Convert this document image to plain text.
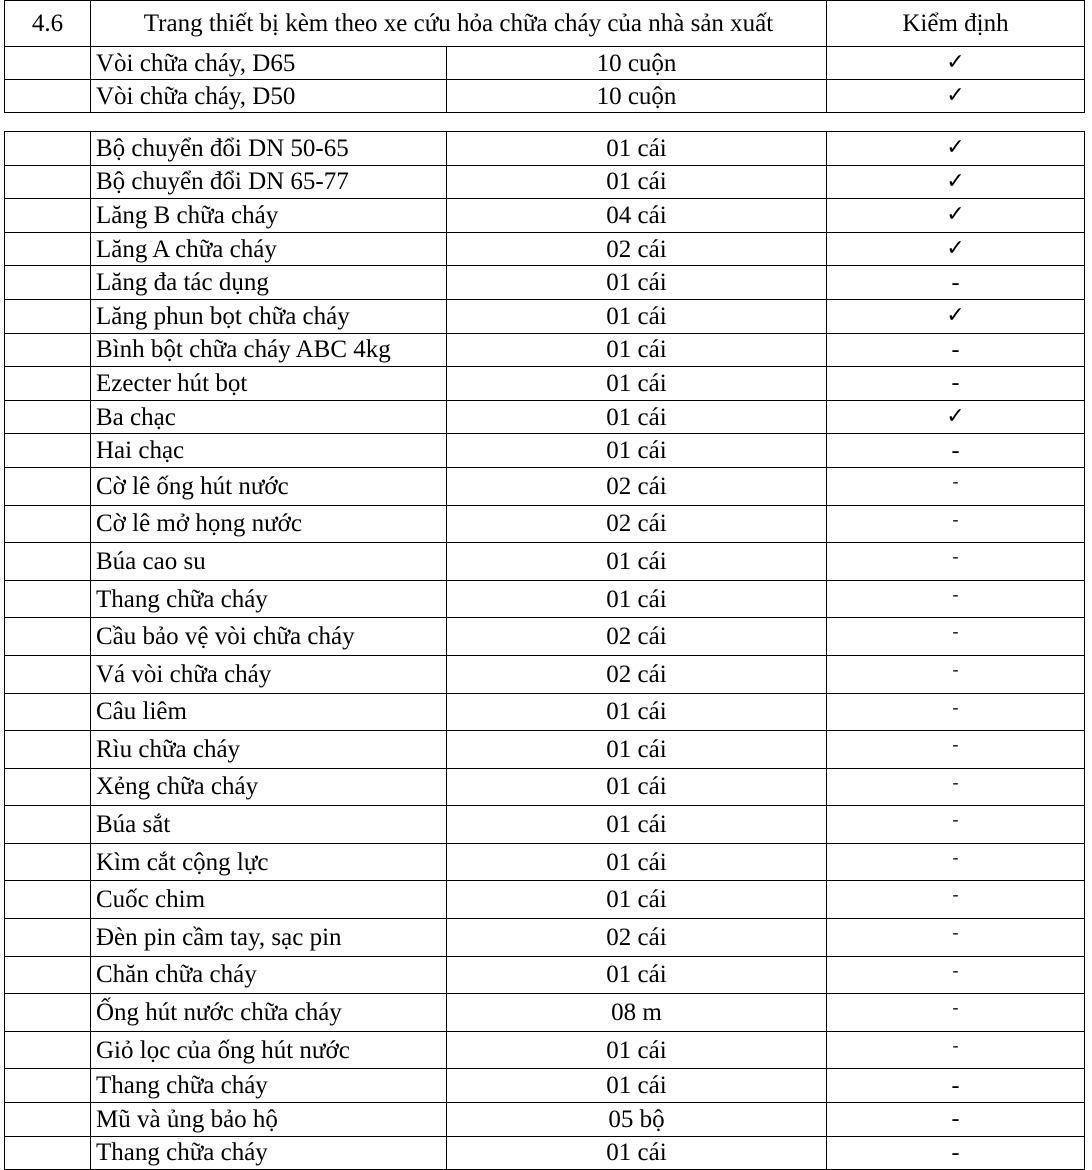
4.6	Trang thiết bị kèm theo xe cứu hỏa chữa cháy của nhà sản xuất		Kiểm định
	Vòi chữa cháy, D65	10 cuộn	✓
	Vòi chữa cháy, D50	10 cuộn	✓
	Bộ chuyển đổi DN 50-65	01 cái	✓
	Bộ chuyển đổi DN 65-77	01 cái	✓
	Lăng B chữa cháy	04 cái	✓
	Lăng A chữa cháy	02 cái	✓
	Lăng đa tác dụng	01 cái	-
	Lăng phun bọt chữa cháy	01 cái	✓
	Bình bột chữa cháy ABC 4kg	01 cái	-
	Ezecter hút bọt	01 cái	-
	Ba chạc	01 cái	✓
	Hai chạc	01 cái	-
	Cờ lê ống hút nước	02 cái	-
	Cờ lê mở họng nước	02 cái	-
	Búa cao su	01 cái	-
	Thang chữa cháy	01 cái	-
	Cầu bảo vệ vòi chữa cháy	02 cái	-
	Vá vòi chữa cháy	02 cái	-
	Câu liêm	01 cái	-
	Rìu chữa cháy	01 cái	-
	Xẻng chữa cháy	01 cái	-
	Búa sắt	01 cái	-
	Kìm cắt cộng lực	01 cái	-
	Cuốc chim	01 cái	-
	Đèn pin cầm tay, sạc pin	02 cái	-
	Chăn chữa cháy	01 cái	-
	Ống hút nước chữa cháy	08 m	-
	Giỏ lọc của ống hút nước	01 cái	-
	Thang chữa cháy	01 cái	-
	Mũ và ủng bảo hộ	05 bộ	-
	Thang chữa cháy	01 cái	-
